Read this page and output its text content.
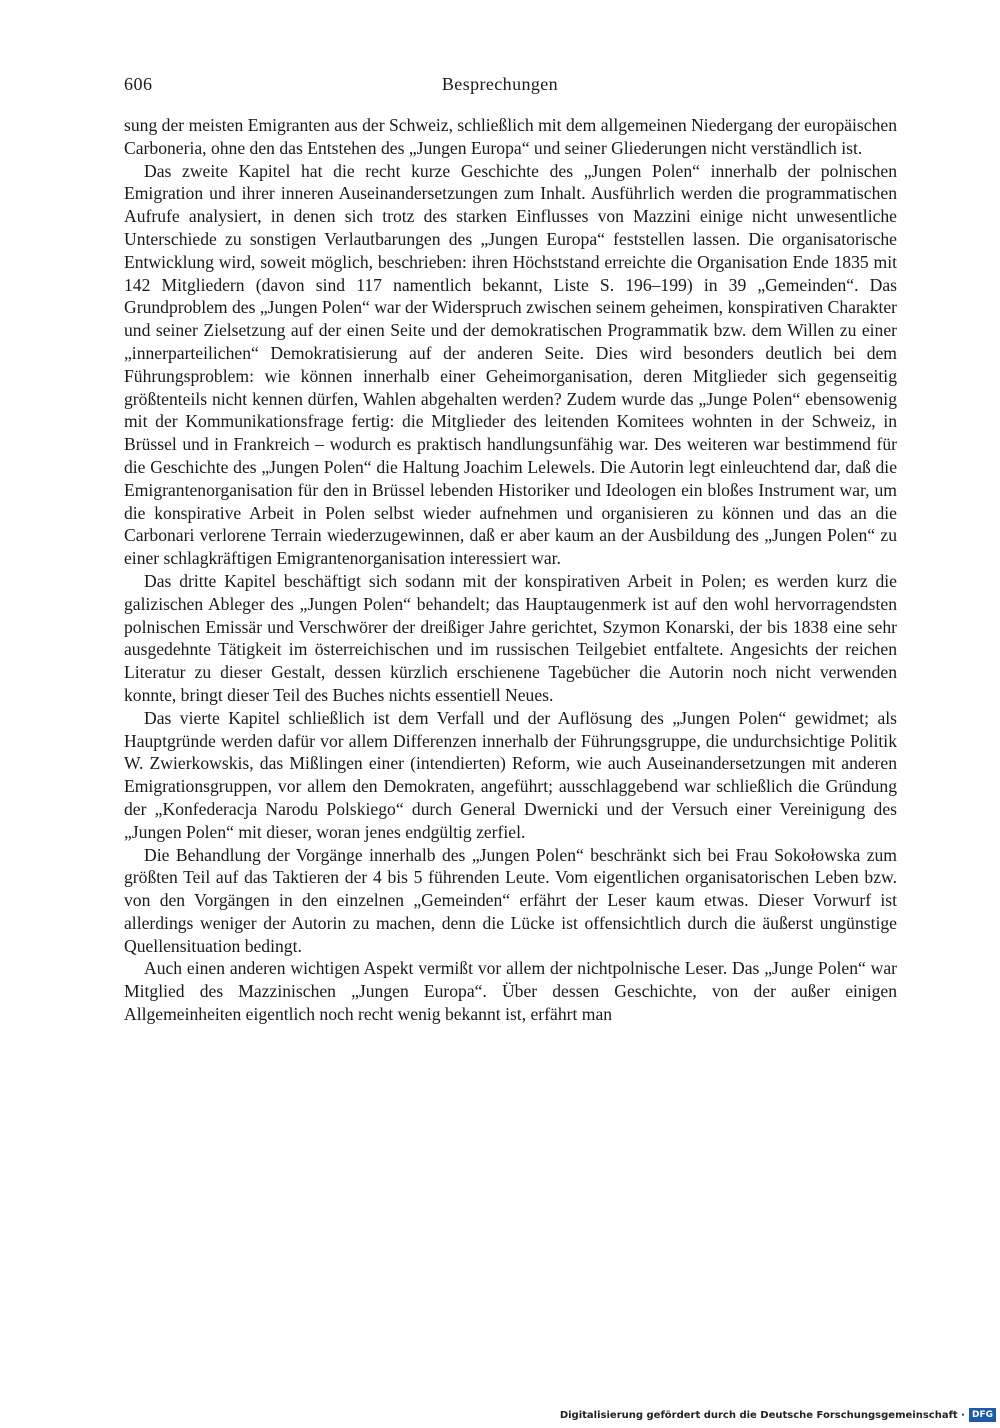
606	Besprechungen

sung der meisten Emigranten aus der Schweiz, schließlich mit dem allgemeinen Niedergang der europäischen Carboneria, ohne den das Entstehen des „Jungen Europa“ und seiner Gliederungen nicht verständlich ist.

Das zweite Kapitel hat die recht kurze Geschichte des „Jungen Polen“ innerhalb der polnischen Emigration und ihrer inneren Auseinandersetzungen zum Inhalt. Ausführlich werden die programmatischen Aufrufe analysiert, in denen sich trotz des starken Einflusses von Mazzini einige nicht unwesentliche Unterschiede zu sonstigen Verlautbarungen des „Jungen Europa“ feststellen lassen. Die organisatorische Entwicklung wird, soweit möglich, beschrieben: ihren Höchststand erreichte die Organisation Ende 1835 mit 142 Mitgliedern (davon sind 117 namentlich bekannt, Liste S. 196–199) in 39 „Gemeinden“. Das Grundproblem des „Jungen Polen“ war der Widerspruch zwischen seinem geheimen, konspirativen Charakter und seiner Zielsetzung auf der einen Seite und der demokratischen Programmatik bzw. dem Willen zu einer „innerparteilichen“ Demokratisierung auf der anderen Seite. Dies wird besonders deutlich bei dem Führungsproblem: wie können innerhalb einer Geheimorganisation, deren Mitglieder sich gegenseitig größtenteils nicht kennen dürfen, Wahlen abgehalten werden? Zudem wurde das „Junge Polen“ ebensowenig mit der Kommunikationsfrage fertig: die Mitglieder des leitenden Komitees wohnten in der Schweiz, in Brüssel und in Frankreich – wodurch es praktisch handlungsunfähig war. Des weiteren war bestimmend für die Geschichte des „Jungen Polen“ die Haltung Joachim Lelewels. Die Autorin legt einleuchtend dar, daß die Emigrantenorganisation für den in Brüssel lebenden Historiker und Ideologen ein bloßes Instrument war, um die konspirative Arbeit in Polen selbst wieder aufnehmen und organisieren zu können und das an die Carbonari verlorene Terrain wiederzugewinnen, daß er aber kaum an der Ausbildung des „Jungen Polen“ zu einer schlagkräftigen Emigrantenorganisation interessiert war.

Das dritte Kapitel beschäftigt sich sodann mit der konspirativen Arbeit in Polen; es werden kurz die galizischen Ableger des „Jungen Polen“ behandelt; das Hauptaugenmerk ist auf den wohl hervorragendsten polnischen Emissär und Verschwörer der dreißiger Jahre gerichtet, Szymon Konarski, der bis 1838 eine sehr ausgedehnte Tätigkeit im österreichischen und im russischen Teilgebiet entfaltete. Angesichts der reichen Literatur zu dieser Gestalt, dessen kürzlich erschienene Tagebücher die Autorin noch nicht verwenden konnte, bringt dieser Teil des Buches nichts essentiell Neues.

Das vierte Kapitel schließlich ist dem Verfall und der Auflösung des „Jungen Polen“ gewidmet; als Hauptgründe werden dafür vor allem Differenzen innerhalb der Führungsgruppe, die undurchsichtige Politik W. Zwierkowskis, das Mißlingen einer (intendierten) Reform, wie auch Auseinandersetzungen mit anderen Emigrationsgruppen, vor allem den Demokraten, angeführt; ausschlaggebend war schließlich die Gründung der „Konfederacja Narodu Polskiego“ durch General Dwernicki und der Versuch einer Vereinigung des „Jungen Polen“ mit dieser, woran jenes endgültig zerfiel.

Die Behandlung der Vorgänge innerhalb des „Jungen Polen“ beschränkt sich bei Frau Sokołowska zum größten Teil auf das Taktieren der 4 bis 5 führenden Leute. Vom eigentlichen organisatorischen Leben bzw. von den Vorgängen in den einzelnen „Gemeinden“ erfährt der Leser kaum etwas. Dieser Vorwurf ist allerdings weniger der Autorin zu machen, denn die Lücke ist offensichtlich durch die äußerst ungünstige Quellensituation bedingt.

Auch einen anderen wichtigen Aspekt vermißt vor allem der nichtpolnische Leser. Das „Junge Polen“ war Mitglied des Mazzinischen „Jungen Europa“. Über dessen Geschichte, von der außer einigen Allgemeinheiten eigentlich noch recht wenig bekannt ist, erfährt man

Digitalisierung gefördert durch die Deutsche Forschungsgemeinschaft · DFG
